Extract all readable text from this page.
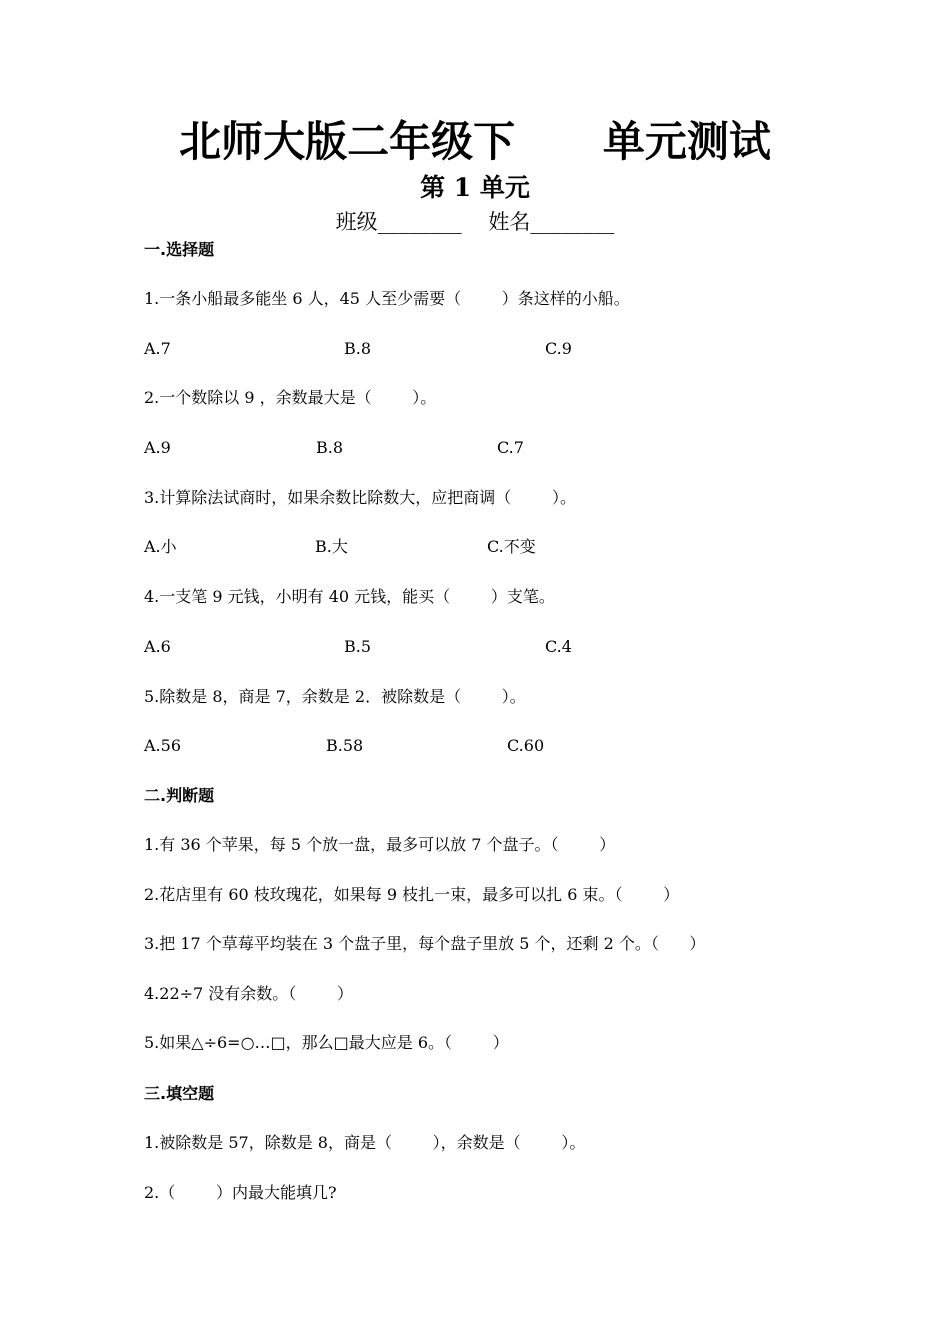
北师大版二年级下      单元测试
第 1 单元
班级________    姓名________
一.选择题
1.一条小船最多能坐 6 人，45 人至少需要（        ）条这样的小船。
A.7	B.8	C.9
2.一个数除以 9 ，余数最大是（        ）。
A.9	B.8	C.7
3.计算除法试商时，如果余数比除数大，应把商调（        ）。
A.小	B.大	C.不变
4.一支笔 9 元钱，小明有 40 元钱，能买（        ）支笔。
A.6	B.5	C.4
5.除数是 8，商是 7，余数是 2．被除数是（        ）。
A.56	B.58	C.60
二.判断题
1.有 36 个苹果，每 5 个放一盘，最多可以放 7 个盘子。（        ）
2.花店里有 60 枝玫瑰花，如果每 9 枝扎一束，最多可以扎 6 束。（        ）
3.把 17 个草莓平均装在 3 个盘子里，每个盘子里放 5 个，还剩 2 个。（      ）
4.22÷7 没有余数。（        ）
5.如果△÷6=○…□，那么□最大应是 6。（        ）
三.填空题
1.被除数是 57，除数是 8，商是（        ），余数是（        ）。
2.（        ）内最大能填几?
